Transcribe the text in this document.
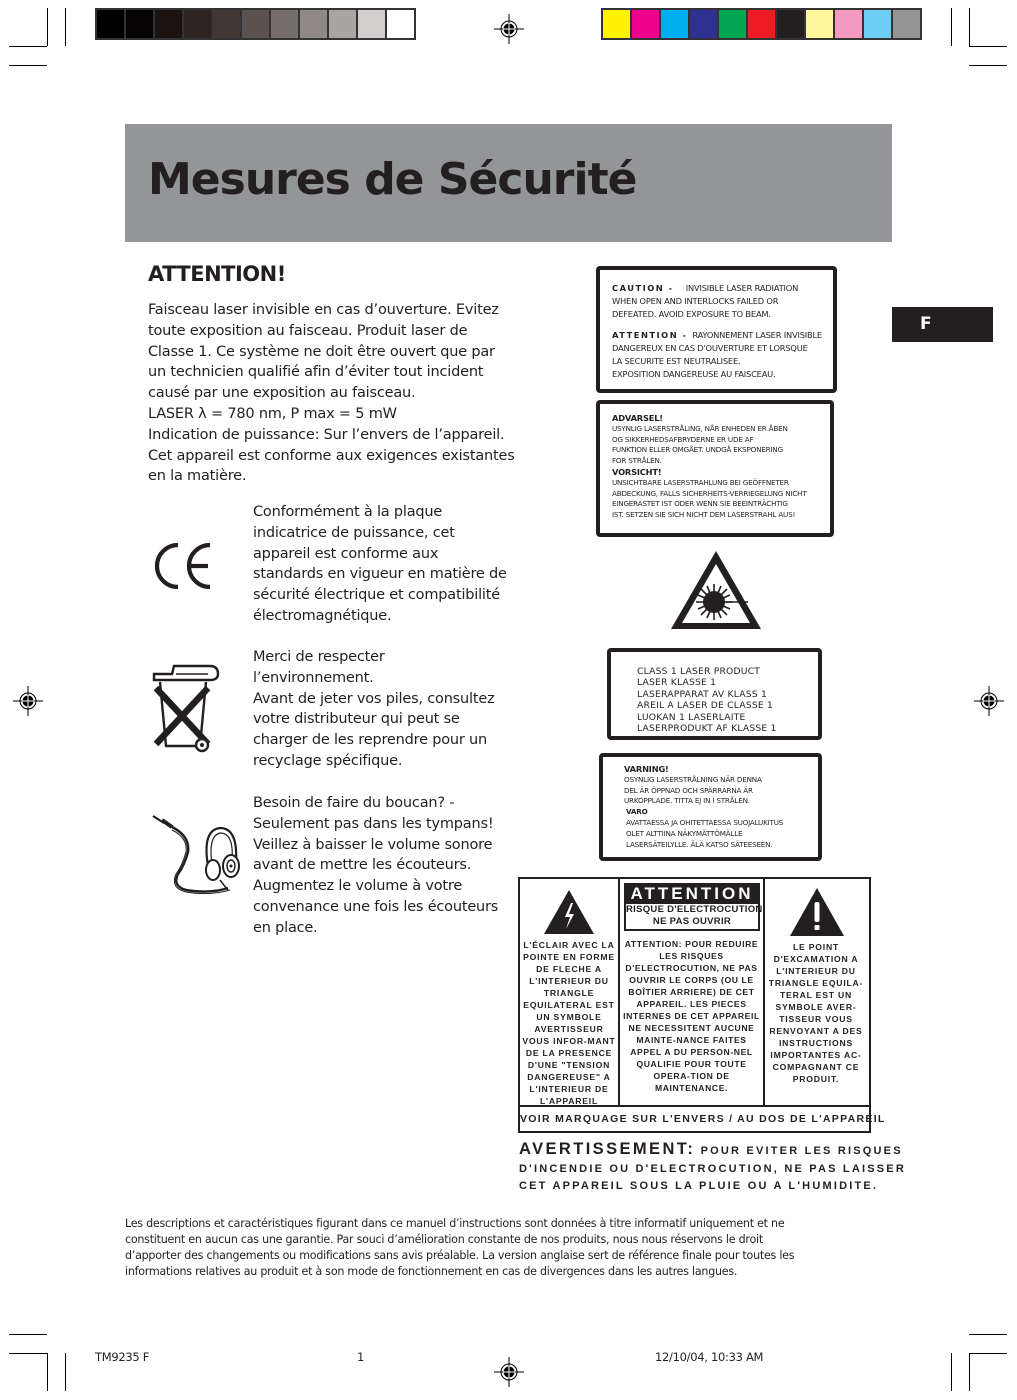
Mesures de Sécurité
F
ATTENTION!
Faisceau laser invisible en cas d’ouverture. Evitez
toute exposition au faisceau. Produit laser de
Classe 1. Ce système ne doit être ouvert que par
un technicien qualifié afin d’éviter tout incident
causé par une exposition au faisceau.
LASER λ = 780 nm, P max = 5 mW
Indication de puissance: Sur l’envers de l’appareil.
Cet appareil est conforme aux exigences existantes
en la matière.
Conformément à la plaque
indicatrice de puissance, cet
appareil est conforme aux
standards en vigueur en matière de
sécurité électrique et compatibilité
électromagnétique.
Merci de respecter
l’environnement.
Avant de jeter vos piles, consultez
votre distributeur qui peut se
charger de les reprendre pour un
recyclage spécifique.
Besoin de faire du boucan? -
Seulement pas dans les tympans!
Veillez à baisser le volume sonore
avant de mettre les écouteurs.
Augmentez le volume à votre
convenance une fois les écouteurs
en place.
CAUTION - INVISIBLE LASER RADIATION
WHEN OPEN AND INTERLOCKS FAILED OR
DEFEATED. AVOID EXPOSURE TO BEAM.
ATTENTION - RAYONNEMENT LASER INVISIBLE
DANGEREUX EN CAS D'OUVERTURE ET LORSQUE
LA SECURITE EST NEUTRALISEE.
EXPOSITION DANGEREUSE AU FAISCEAU.
ADVARSEL!
USYNLIG LASERSTRÅLING, NÅR ENHEDEN ER ÅBEN
OG SIKKERHEDSAFBRYDERNE ER UDE AF
FUNKTION ELLER OMGÅET. UNDGÅ EKSPONERING
FOR STRÅLEN.
VORSICHT!
UNSICHTBARE LASERSTRAHLUNG BEI GEÖFFNETER
ABDECKUNG, FALLS SICHERHEITS-VERRIEGELUNG NICHT
EINGERASTET IST ODER WENN SIE BEEINTRÄCHTIG
IST. SETZEN SIE SICH NICHT DEM LASERSTRAHL AUS!
CLASS 1 LASER PRODUCT
LASER KLASSE 1
LASERAPPARAT AV KLASS 1
AREIL A LASER DE CLASSE 1
LUOKAN 1 LASERLAITE
LASERPRODUKT AF KLASSE 1
VARNING!
OSYNLIG LASERSTRÅLNING NÄR DENNA
DEL ÄR ÖPPNAD OCH SPÄRRARNA ÄR
URKOPPLADE. TITTA EJ IN I STRÅLEN.
VARO
AVATTAESSA JA OHITETTAESSA SUOJALUKITUS
OLET ALTTIINA NÄKYMÄTTÖMÄLLE
LASERSÄTEILYLLE. ÄLÄ KATSO SÄTEESEEN.
L'ÉCLAIR AVEC LA
POINTE EN FORME
DE FLECHE A
L'INTERIEUR DU
TRIANGLE
EQUILATERAL EST
UN SYMBOLE
AVERTISSEUR
VOUS INFOR-MANT
DE LA PRESENCE
D'UNE "TENSION
DANGEREUSE" A
L'INTERIEUR DE
L'APPAREIL
ATTENTION
RISQUE D'ELECTROCUTION
NE PAS OUVRIR
ATTENTION: POUR REDUIRE
LES RISQUES
D'ELECTROCUTION, NE PAS
OUVRIR LE CORPS (OU LE
BOÎTIER ARRIERE) DE CET
APPAREIL. LES PIECES
INTERNES DE CET APPAREIL
NE NECESSITENT AUCUNE
MAINTE-NANCE FAITES
APPEL A DU PERSON-NEL
QUALIFIE POUR TOUTE
OPERA-TION DE
MAINTENANCE.
LE POINT
D'EXCAMATION A
L'INTERIEUR DU
TRIANGLE EQUILA-
TERAL EST UN
SYMBOLE AVER-
TISSEUR VOUS
RENVOYANT A DES
INSTRUCTIONS
IMPORTANTES AC-
COMPAGNANT CE
PRODUIT.
VOIR MARQUAGE SUR L'ENVERS / AU DOS DE L'APPAREIL
AVERTISSEMENT: POUR EVITER LES RISQUES
D'INCENDIE OU D'ELECTROCUTION, NE PAS LAISSER
CET APPAREIL SOUS LA PLUIE OU A L'HUMIDITE.
Les descriptions et caractéristiques figurant dans ce manuel d’instructions sont données à titre informatif uniquement et ne
constituent en aucun cas une garantie. Par souci d’amélioration constante de nos produits, nous nous réservons le droit
d’apporter des changements ou modifications sans avis préalable. La version anglaise sert de référence finale pour toutes les
informations relatives au produit et à son mode de fonctionnement en cas de divergences dans les autres langues.
TM9235 F	1	12/10/04, 10:33 AM
